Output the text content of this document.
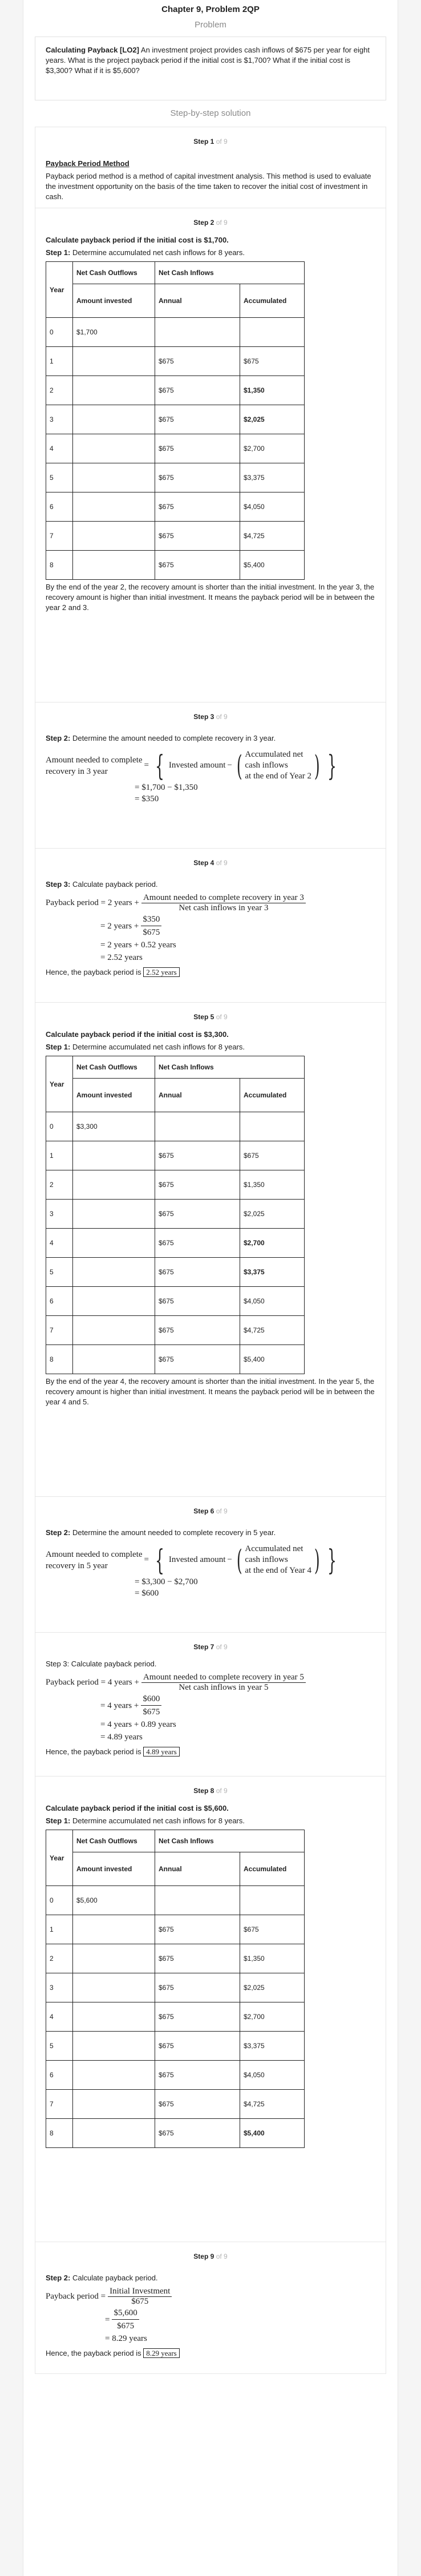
Chapter 9, Problem 2QP
Problem
Calculating Payback [LO2] An investment project provides cash inflows of $675 per year for eight years. What is the project payback period if the initial cost is $1,700? What if the initial cost is $3,300? What if it is $5,600?
Step-by-step solution
Step 1 of 9
Payback Period Method

Payback period method is a method of capital investment analysis. This method is used to evaluate the investment opportunity on the basis of the time taken to recover the initial cost of investment in cash.

Step 2 of 9
Calculate payback period if the initial cost is $1,700.

Step 1: Determine accumulated net cash inflows for 8 years.

Year	Net Cash Outflows	Net Cash Inflows	
	Amount invested	Annual	Accumulated
0	$1,700		
1		$675	$675
2		$675	$1,350
3		$675	$2,025
4		$675	$2,700
5		$675	$3,375
6		$675	$4,050
7		$675	$4,725
8		$675	$5,400

By the end of the year 2, the recovery amount is shorter than the initial investment. In the year 3, the recovery amount is higher than initial investment. It means the payback period will be in between the year 2 and 3.

Step 3 of 9

Step 2: Determine the amount needed to complete recovery in 3 year.

Amount needed to complete
recovery in 3 year
= { Invested amount − ( Accumulated net
cash inflows
at the end of Year 2 ) }
= $1,700 − $1,350
= $350
Step 4 of 9

Step 3: Calculate payback period.

Payback period = 2 years + $\frac{\text{Amount needed to complete recovery in year 3}}{\text{Net cash inflows in year 3}}$
= 2 years + $\frac{\$350}{\$675}$
= 2 years + 0.52 years
= 2.52 years

Hence, the payback period is 2.52 years

Step 5 of 9
Calculate payback period if the initial cost is $3,300.

Step 1: Determine accumulated net cash inflows for 8 years.

Year	Net Cash Outflows	Net Cash Inflows	
	Amount invested	Annual	Accumulated
0	$3,300		
1		$675	$675
2		$675	$1,350
3		$675	$2,025
4		$675	$2,700
5		$675	$3,375
6		$675	$4,050
7		$675	$4,725
8		$675	$5,400

By the end of the year 4, the recovery amount is shorter than the initial investment. In the year 5, the recovery amount is higher than initial investment. It means the payback period will be in between the year 4 and 5.

Step 6 of 9

Step 2: Determine the amount needed to complete recovery in 5 year.

Amount needed to complete
recovery in 5 year
= { Invested amount − ( Accumulated net
cash inflows
at the end of Year 4 ) }
= $3,300 − $2,700
= $600
Step 7 of 9

Step 3: Calculate payback period.

Payback period = 4 years + $\frac{\text{Amount needed to complete recovery in year 5}}{\text{Net cash inflows in year 5}}$
= 4 years + $\frac{\$600}{\$675}$
= 4 years + 0.89 years
= 4.89 years

Hence, the payback period is 4.89 years

Step 8 of 9
Calculate payback period if the initial cost is $5,600.

Step 1: Determine accumulated net cash inflows for 8 years.

Year	Net Cash Outflows	Net Cash Inflows	
	Amount invested	Annual	Accumulated
0	$5,600		
1		$675	$675
2		$675	$1,350
3		$675	$2,025
4		$675	$2,700
5		$675	$3,375
6		$675	$4,050
7		$675	$4,725
8		$675	$5,400
Step 9 of 9

Step 2: Calculate payback period.

Payback period = $\frac{\text{Initial Investment}}{\$675}$
= $\frac{\$5,600}{\$675}$
= 8.29 years

Hence, the payback period is 8.29 years
